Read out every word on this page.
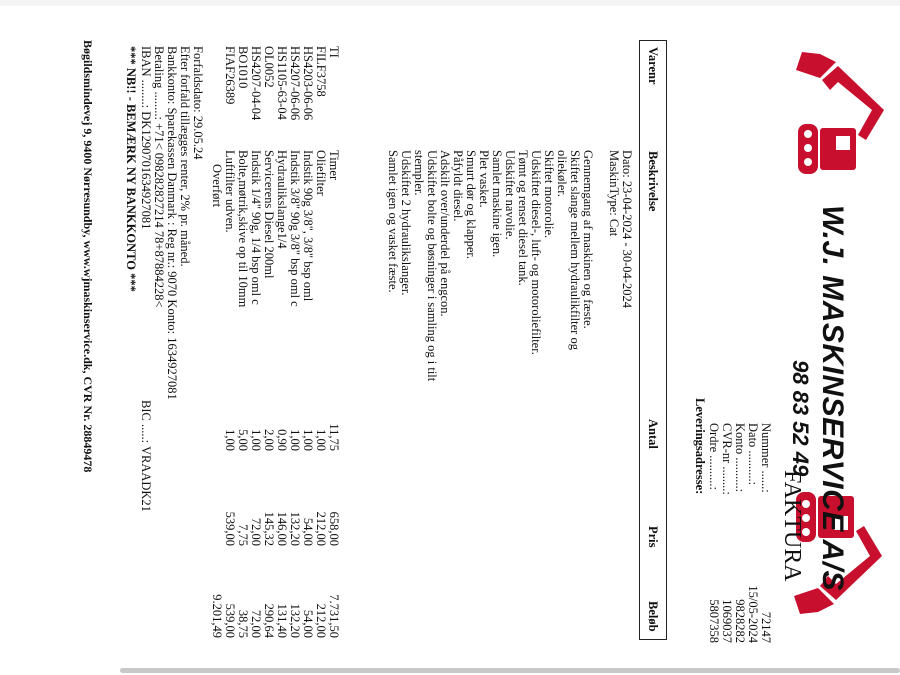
W.J. MASKINSERVICE A/S
98 83 52 49
FAKTURA
Nummer ......:
72147
Dato ..........:
15/05-2024
Konto ..........:
9828282
CVR-nr ........:
1069037
Ordre ..........:
5807358
Leveringsadresse:
Varenr
Beskrivelse
Antal
Pris
Beløb
Dato: 23-04-2024 - 30-04-2024
MaskinType: Cat
Gennemgang af maskinen og fæste.
Skiftet slange mellem hydraulikfilter og
oliekøler.
Skiftet motorolie.
Udskiftet diesel-, luft- og motoroliefilter.
Tømt og renset diesel tank.
Udskiftet navolie.
Samlet maskine igen.
Plet vasket.
Smurt dør og klapper.
Påfyldt diesel.
Adskilt over/underdel på engcon.
Udskiftet bolte og bøsninger i samling og i tilt
stempler.
Udskiftet 2 hydraulikslanger.
Samlet igen og vasket fæste.
TI
Timer
11,75
658,00
7.731,50
FILF3758
Oliefilter
1,00
212,00
212,00
HS4203-06-06
Indstik 90g 3/8", 3/8" bsp oml
1,00
54,00
54,00
HS4207-06-06
Indstik 3/8" 90g 3/8" bsp oml c
1,00
132,20
132,20
HS1105-63-04
Hydraulikslange1/4
0,90
146,00
131,40
OL0052
Servicerens Diesel 200ml
2,00
145,32
290,64
HS4207-04-04
Indstik 1/4" 90g, 1/4 bsp oml c
1,00
72,00
72,00
BO1010
Bolte,møtrik,skive op til 10mm
5,00
7,75
38,75
FIAF26389
Luftfilter udven.
1,00
539,00
539,00
Overført
9.201,49
Forfaldsdato: 29.05.24
Efter forfald tillægges renter, 2% pr. måned.
Bankkonto: Sparekassen Danmark : Reg nr.: 9070 Konto: 1634927081
Betaling ........: +71< 098282827214 78+87884228<
IBAN ........: DK1290701634927081
BIC .....: VRAADK21
*** NB!! - BEMÆRK NY BANKKONTO ***
Bøgildsmindevej 9, 9400 Nørresundby, www.wjmaskinservice.dk, CVR Nr. 28849478
